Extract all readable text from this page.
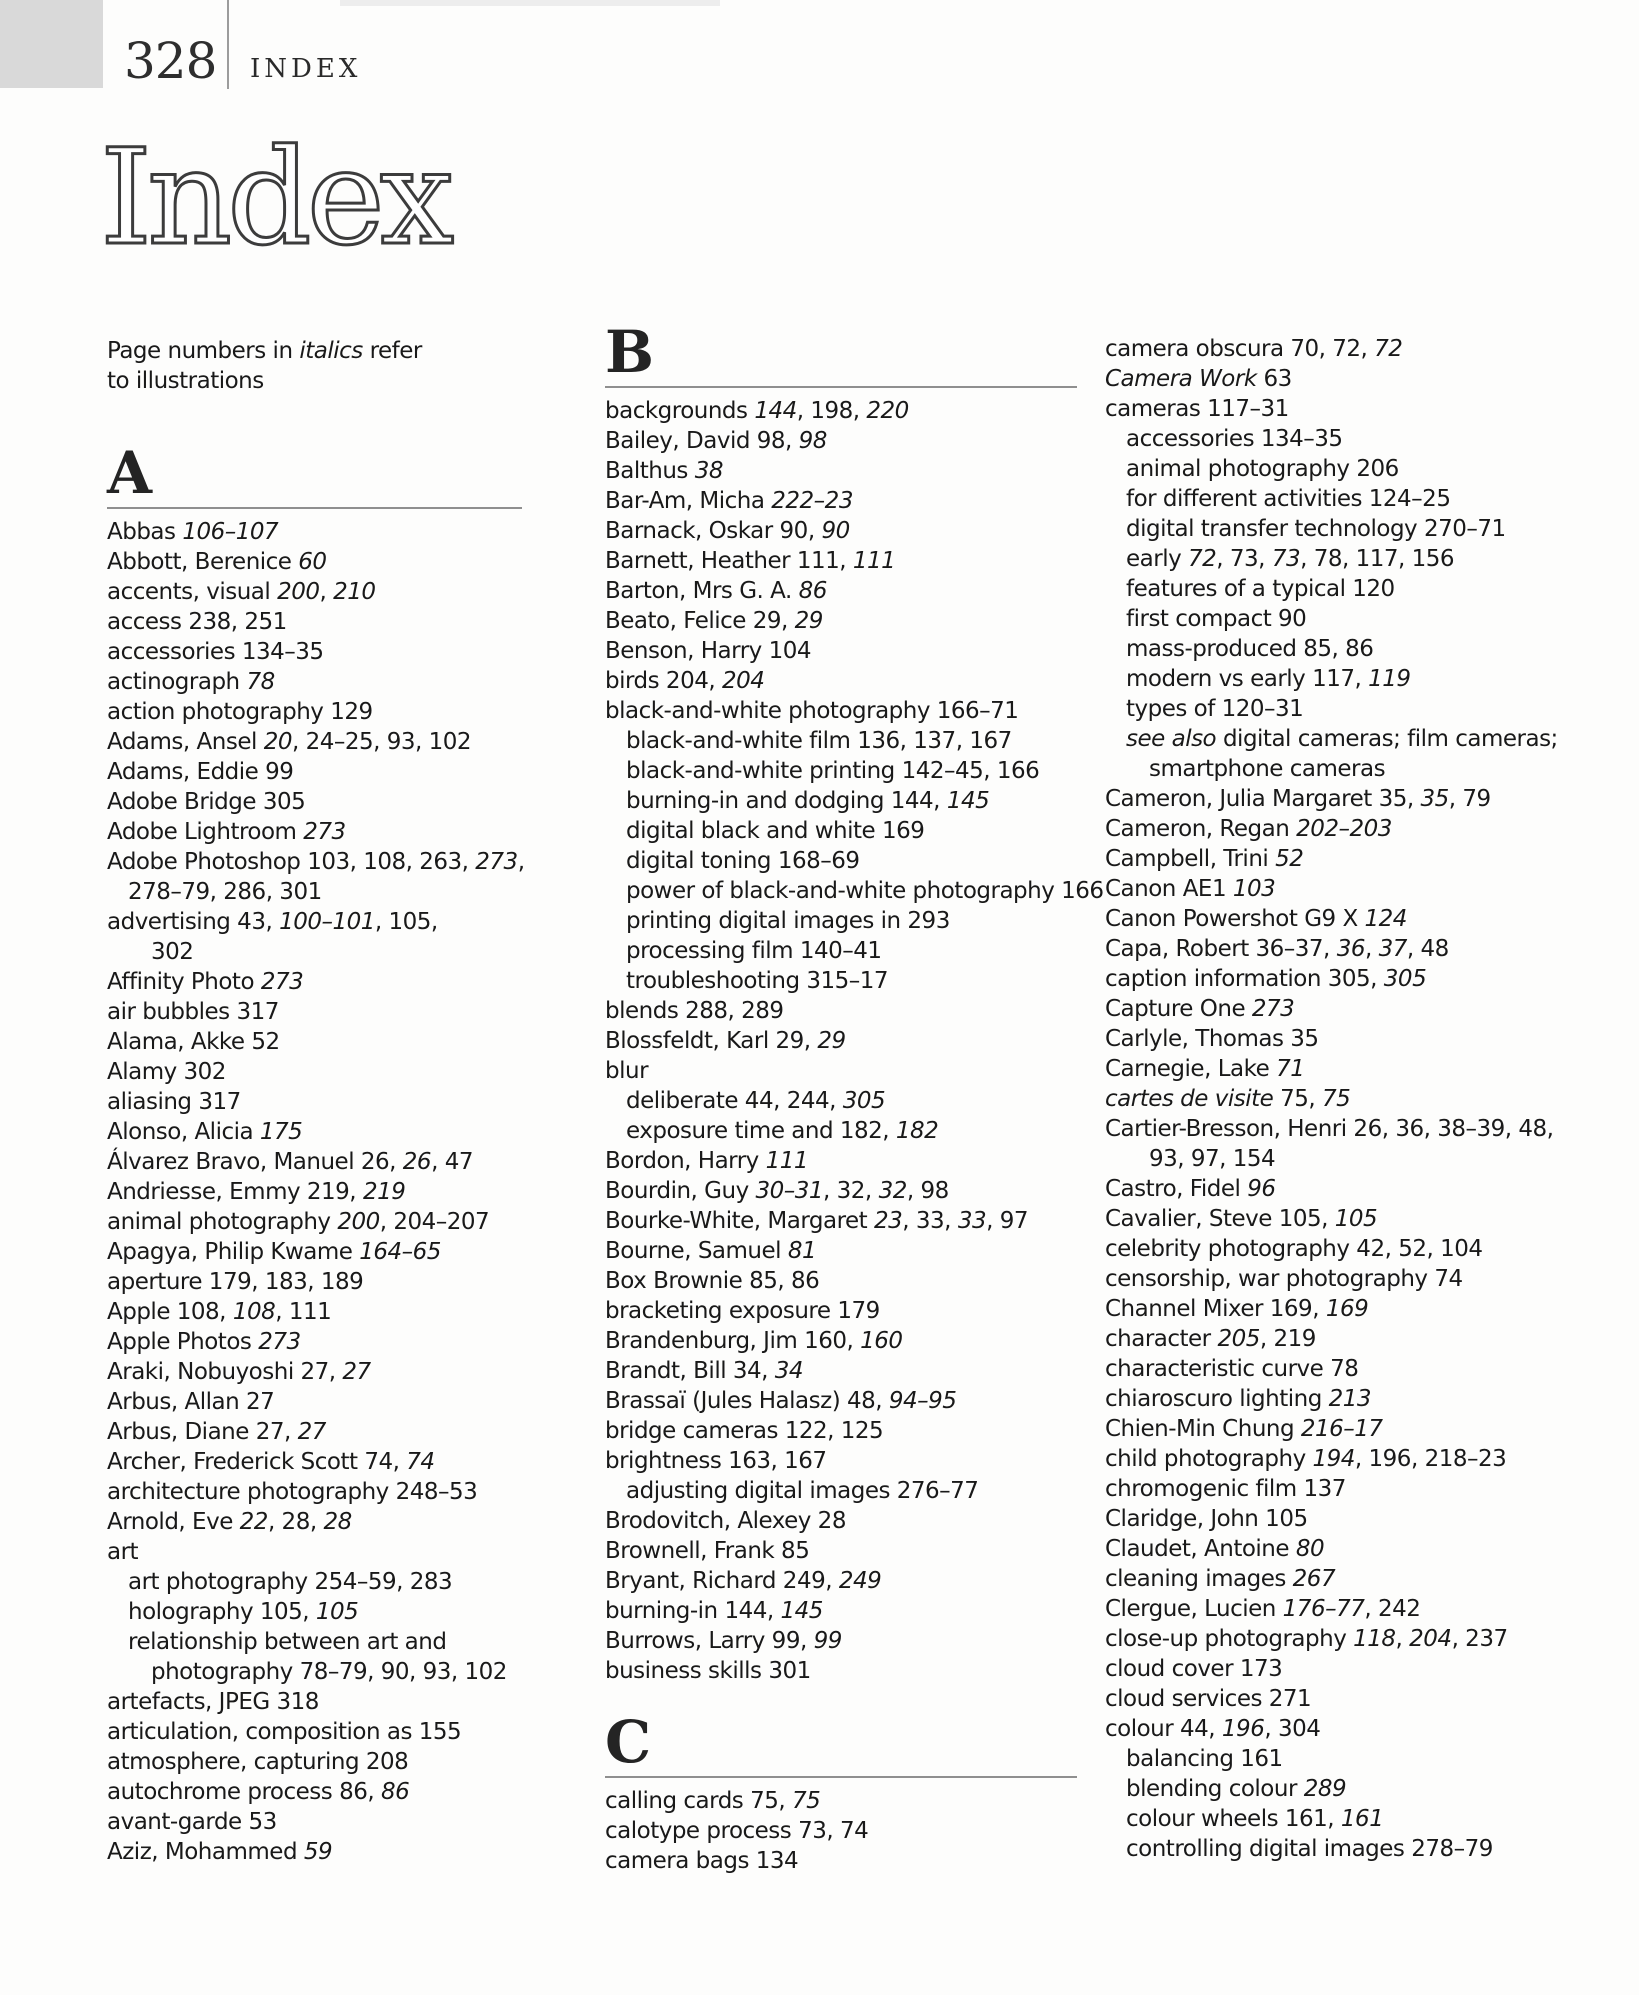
328 INDEX
Index
Page numbers in italics refer
to illustrations
A
Abbas 106–107
Abbott, Berenice 60
accents, visual 200, 210
access 238, 251
accessories 134–35
actinograph 78
action photography 129
Adams, Ansel 20, 24–25, 93, 102
Adams, Eddie 99
Adobe Bridge 305
Adobe Lightroom 273
Adobe Photoshop 103, 108, 263, 273,
278–79, 286, 301
advertising 43, 100–101, 105,
302
Affinity Photo 273
air bubbles 317
Alama, Akke 52
Alamy 302
aliasing 317
Alonso, Alicia 175
Álvarez Bravo, Manuel 26, 26, 47
Andriesse, Emmy 219, 219
animal photography 200, 204–207
Apagya, Philip Kwame 164–65
aperture 179, 183, 189
Apple 108, 108, 111
Apple Photos 273
Araki, Nobuyoshi 27, 27
Arbus, Allan 27
Arbus, Diane 27, 27
Archer, Frederick Scott 74, 74
architecture photography 248–53
Arnold, Eve 22, 28, 28
art
art photography 254–59, 283
holography 105, 105
relationship between art and
photography 78–79, 90, 93, 102
artefacts, JPEG 318
articulation, composition as 155
atmosphere, capturing 208
autochrome process 86, 86
avant-garde 53
Aziz, Mohammed 59
B
backgrounds 144, 198, 220
Bailey, David 98, 98
Balthus 38
Bar-Am, Micha 222–23
Barnack, Oskar 90, 90
Barnett, Heather 111, 111
Barton, Mrs G. A. 86
Beato, Felice 29, 29
Benson, Harry 104
birds 204, 204
black-and-white photography 166–71
black-and-white film 136, 137, 167
black-and-white printing 142–45, 166
burning-in and dodging 144, 145
digital black and white 169
digital toning 168–69
power of black-and-white photography 166
printing digital images in 293
processing film 140–41
troubleshooting 315–17
blends 288, 289
Blossfeldt, Karl 29, 29
blur
deliberate 44, 244, 305
exposure time and 182, 182
Bordon, Harry 111
Bourdin, Guy 30–31, 32, 32, 98
Bourke-White, Margaret 23, 33, 33, 97
Bourne, Samuel 81
Box Brownie 85, 86
bracketing exposure 179
Brandenburg, Jim 160, 160
Brandt, Bill 34, 34
Brassaï (Jules Halasz) 48, 94–95
bridge cameras 122, 125
brightness 163, 167
adjusting digital images 276–77
Brodovitch, Alexey 28
Brownell, Frank 85
Bryant, Richard 249, 249
burning-in 144, 145
Burrows, Larry 99, 99
business skills 301
C
calling cards 75, 75
calotype process 73, 74
camera bags 134
camera obscura 70, 72, 72
Camera Work 63
cameras 117–31
accessories 134–35
animal photography 206
for different activities 124–25
digital transfer technology 270–71
early 72, 73, 73, 78, 117, 156
features of a typical 120
first compact 90
mass-produced 85, 86
modern vs early 117, 119
types of 120–31
see also digital cameras; film cameras;
smartphone cameras
Cameron, Julia Margaret 35, 35, 79
Cameron, Regan 202–203
Campbell, Trini 52
Canon AE1 103
Canon Powershot G9 X 124
Capa, Robert 36–37, 36, 37, 48
caption information 305, 305
Capture One 273
Carlyle, Thomas 35
Carnegie, Lake 71
cartes de visite 75, 75
Cartier-Bresson, Henri 26, 36, 38–39, 48,
93, 97, 154
Castro, Fidel 96
Cavalier, Steve 105, 105
celebrity photography 42, 52, 104
censorship, war photography 74
Channel Mixer 169, 169
character 205, 219
characteristic curve 78
chiaroscuro lighting 213
Chien-Min Chung 216–17
child photography 194, 196, 218–23
chromogenic film 137
Claridge, John 105
Claudet, Antoine 80
cleaning images 267
Clergue, Lucien 176–77, 242
close-up photography 118, 204, 237
cloud cover 173
cloud services 271
colour 44, 196, 304
balancing 161
blending colour 289
colour wheels 161, 161
controlling digital images 278–79
